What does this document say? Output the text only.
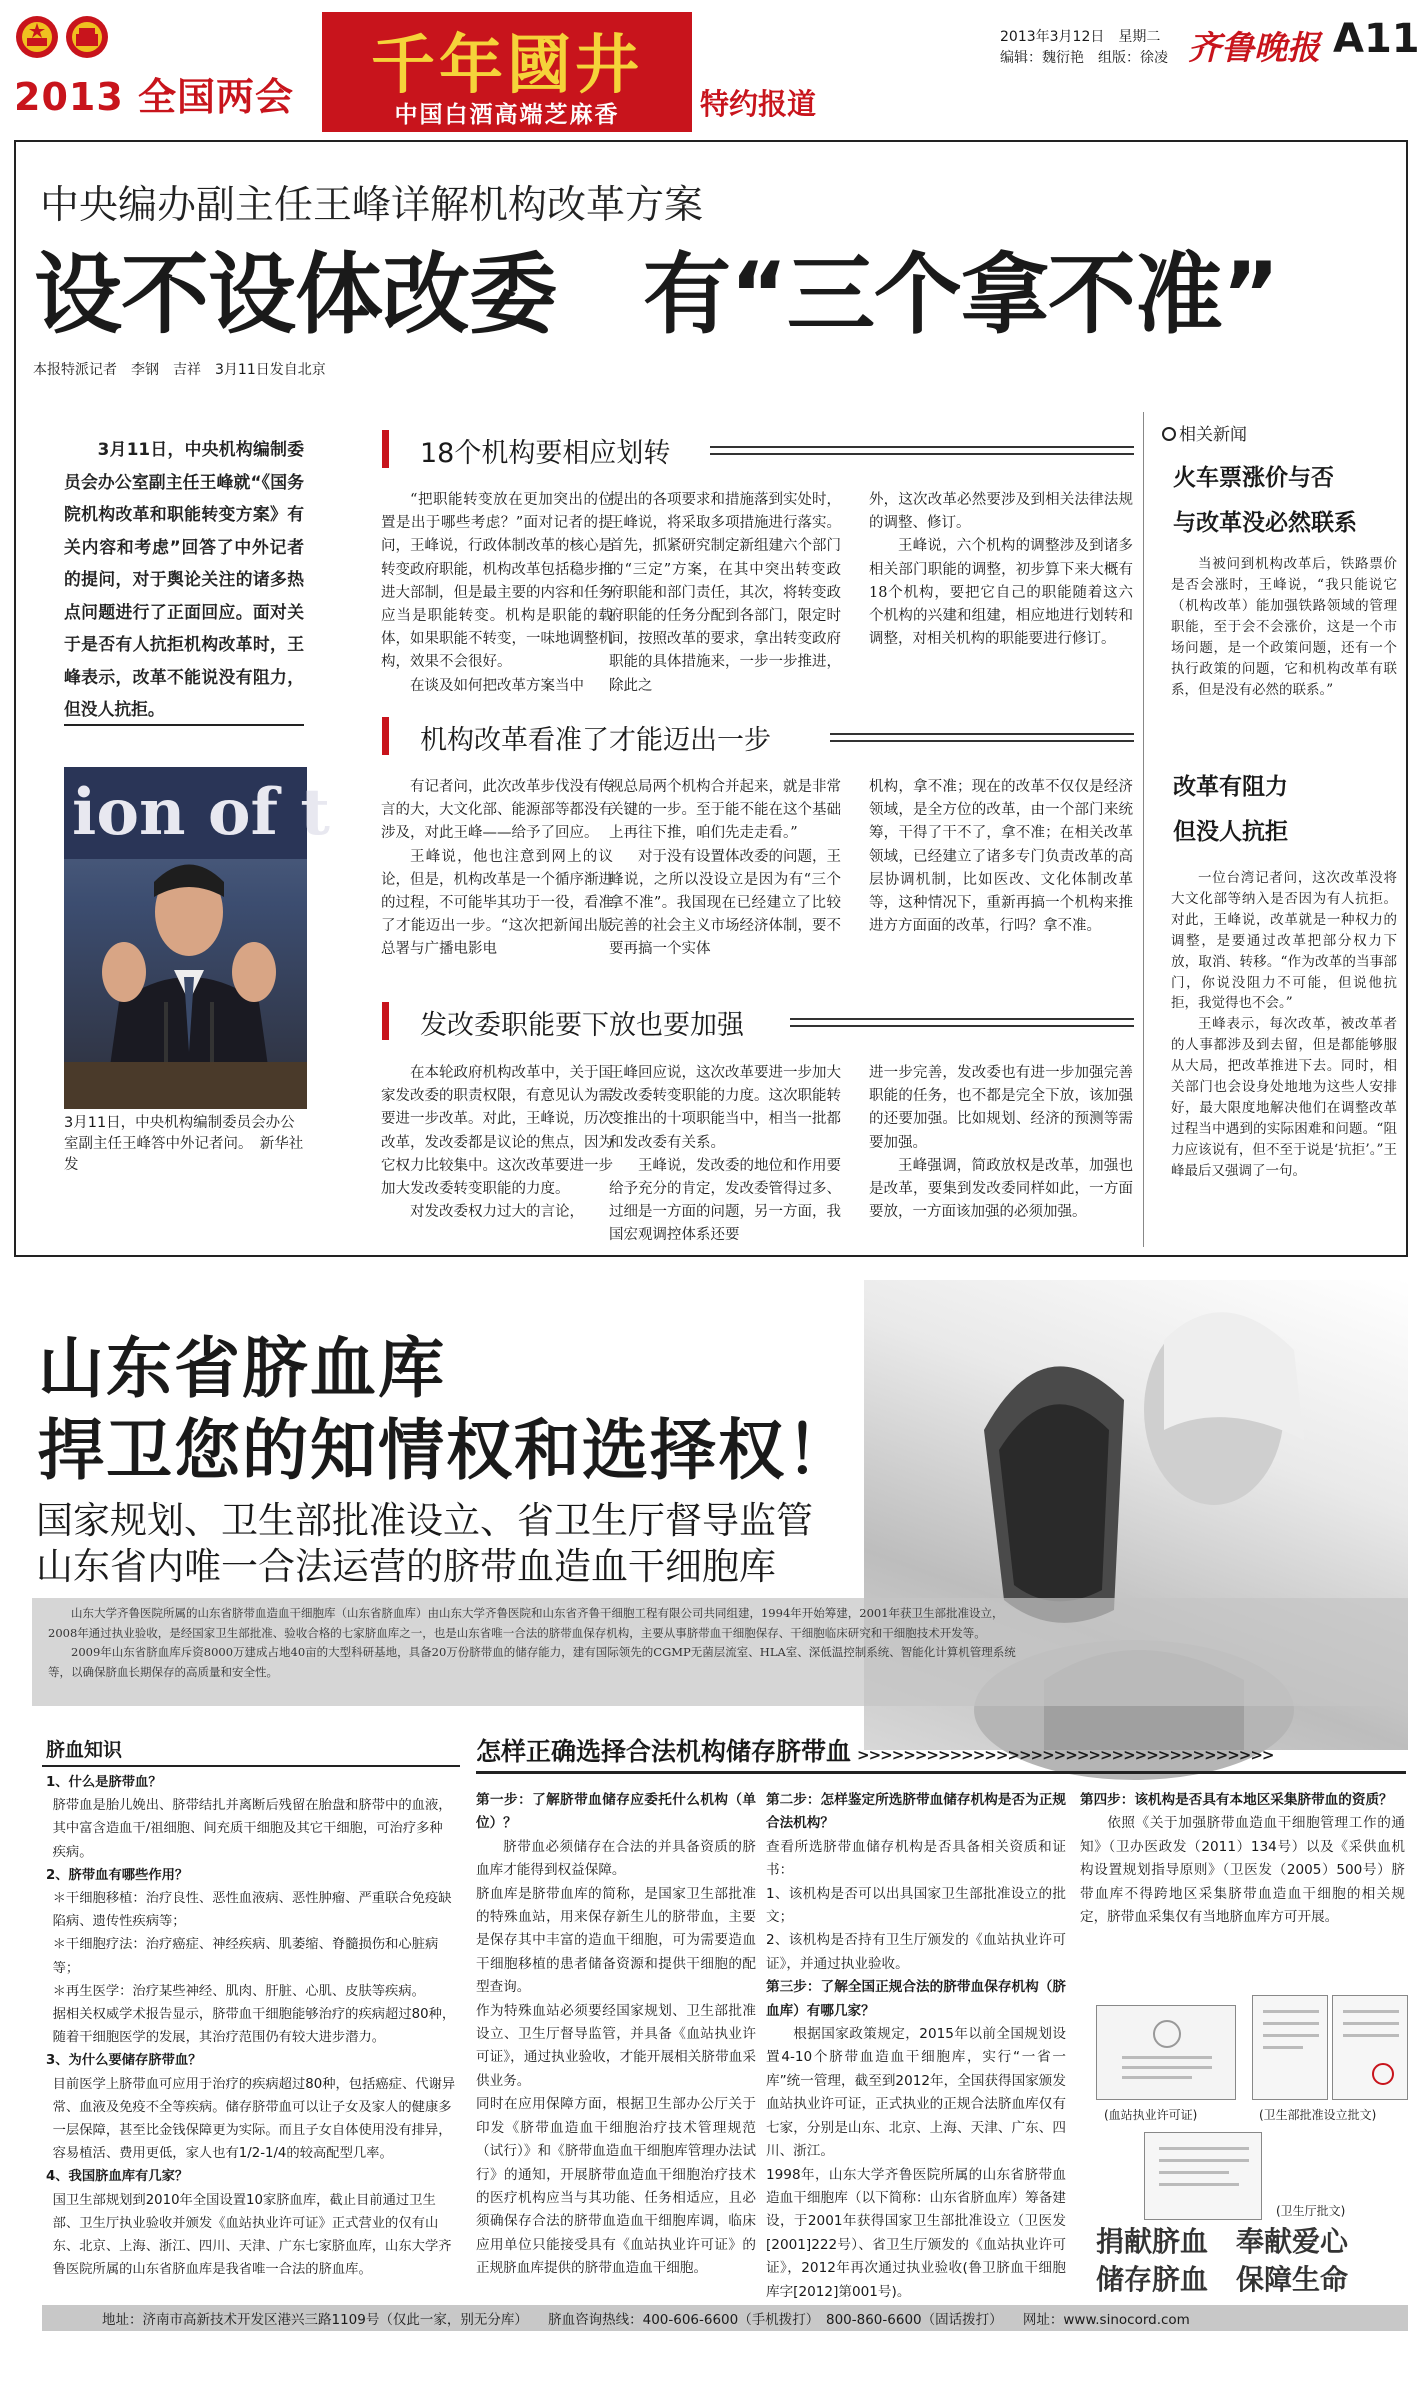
2013 全国两会	千年國井
中国白酒高端芝麻香	特约报道
2013年3月12日　星期二
编辑：魏衍艳　组版：徐凌 齐鲁晚报 A11
中央编办副主任王峰详解机构改革方案
设不设体改委　有“三个拿不准”
本报特派记者　李钢　吉祥　3月11日发自北京

3月11日，中央机构编制委员会办公室副主任王峰就“《国务院机构改革和职能转变方案》有关内容和考虑”回答了中外记者的提问，对于舆论关注的诸多热点问题进行了正面回应。面对关于是否有人抗拒机构改革时，王峰表示，改革不能说没有阻力，但没人抗拒。

ion of t

3月11日，中央机构编制委员会办公室副主任王峰答中外记者问。　新华社发

18个机构要相应划转

“把职能转变放在更加突出的位置是出于哪些考虑？”面对记者的提问，王峰说，行政体制改革的核心是转变政府职能，机构改革包括稳步推进大部制，但是最主要的内容和任务应当是职能转变。机构是职能的载体，如果职能不转变，一味地调整机构，效果不会很好。

在谈及如何把改革方案当中

提出的各项要求和措施落到实处时，王峰说，将采取多项措施进行落实。首先，抓紧研究制定新组建六个部门的“三定”方案，在其中突出转变政府职能和部门责任，其次，将转变政府职能的任务分配到各部门，限定时间，按照改革的要求，拿出转变政府职能的具体措施来，一步一步推进，除此之

外，这次改革必然要涉及到相关法律法规的调整、修订。

王峰说，六个机构的调整涉及到诸多相关部门职能的调整，初步算下来大概有18个机构，要把它自己的职能随着这六个机构的兴建和组建，相应地进行划转和调整，对相关机构的职能要进行修订。

机构改革看准了才能迈出一步
发改委职能要下放也要加强
相关新闻
火车票涨价与否
与改革没必然联系

当被问到机构改革后，铁路票价是否会涨时，王峰说，“我只能说它（机构改革）能加强铁路领域的管理职能，至于会不会涨价，这是一个市场问题，是一个政策问题，还有一个执行政策的问题，它和机构改革有联系，但是没有必然的联系。”

改革有阻力
但没人抗拒

一位台湾记者问，这次改革没将大文化部等纳入是否因为有人抗拒。对此，王峰说，改革就是一种权力的调整，是要通过改革把部分权力下放，取消、转移。“作为改革的当事部门，你说没阻力不可能，但说他抗拒，我觉得也不会。”

王峰表示，每次改革，被改革者的人事都涉及到去留，但是都能够服从大局，把改革推进下去。同时，相关部门也会设身处地地为这些人安排好，最大限度地解决他们在调整改革过程当中遇到的实际困难和问题。“阻力应该说有，但不至于说是‘抗拒’。”王峰最后又强调了一句。

山东省脐血库
捍卫您的知情权和选择权！
国家规划、卫生部批准设立、省卫生厅督导监管
山东省内唯一合法运营的脐带血造血干细胞库

山东大学齐鲁医院所属的山东省脐带血造血干细胞库（山东省脐血库）由山东大学齐鲁医院和山东省齐鲁干细胞工程有限公司共同组建，1994年开始筹建，2001年获卫生部批准设立，2008年通过执业验收，是经国家卫生部批准、验收合格的七家脐血库之一，也是山东省唯一合法的脐带血保存机构，主要从事脐带血干细胞保存、干细胞临床研究和干细胞技术开发等。

2009年山东省脐血库斥资8000万建成占地40亩的大型科研基地，具备20万份脐带血的储存能力，建有国际领先的CGMP无菌层流室、HLA室、深低温控制系统、智能化计算机管理系统等，以确保脐血长期保存的高质量和安全性。

脐血知识
1、什么是脐带血？
脐带血是胎儿娩出、脐带结扎并离断后残留在胎盘和脐带中的血液，其中富含造血干/祖细胞、间充质干细胞及其它干细胞，可治疗多种疾病。
2、脐带血有哪些作用？
＊干细胞移植：治疗良性、恶性血液病、恶性肿瘤、严重联合免疫缺陷病、遗传性疾病等；
＊干细胞疗法：治疗癌症、神经疾病、肌萎缩、脊髓损伤和心脏病等；
＊再生医学：治疗某些神经、肌肉、肝脏、心肌、皮肤等疾病。
据相关权威学术报告显示，脐带血干细胞能够治疗的疾病超过80种，随着干细胞医学的发展，其治疗范围仍有较大进步潜力。
3、为什么要储存脐带血？
目前医学上脐带血可应用于治疗的疾病超过80种，包括癌症、代谢异常、血液及免疫不全等疾病。储存脐带血可以让子女及家人的健康多一层保障，甚至比金钱保障更为实际。而且子女自体使用没有排异，容易植活、费用更低，家人也有1/2-1/4的较高配型几率。
4、我国脐血库有几家？
国卫生部规划到2010年全国设置10家脐血库，截止目前通过卫生部、卫生厅执业验收并颁发《血站执业许可证》正式营业的仅有山东、北京、上海、浙江、四川、天津、广东七家脐血库，山东大学齐鲁医院所属的山东省脐血库是我省唯一合法的脐血库。
怎样正确选择合法机构储存脐带血 >>>>>>>>>>>>>>>>>>>>>>>>>>>>>>>>>>>>
第一步：了解脐带血储存应委托什么机构（单位）？
脐带血必须储存在合法的并具备资质的脐血库才能得到权益保障。
脐血库是脐带血库的简称，是国家卫生部批准的特殊血站，用来保存新生儿的脐带血，主要是保存其中丰富的造血干细胞，可为需要造血干细胞移植的患者储备资源和提供干细胞的配型查询。
作为特殊血站必须要经国家规划、卫生部批准设立、卫生厅督导监管，并具备《血站执业许可证》，通过执业验收，才能开展相关脐带血采供业务。
同时在应用保障方面，根据卫生部办公厅关于印发《脐带血造血干细胞治疗技术管理规范（试行）》和《脐带血造血干细胞库管理办法试行》的通知，开展脐带血造血干细胞治疗技术的医疗机构应当与其功能、任务相适应，且必须确保存合法的脐带血造血干细胞库调，临床应用单位只能接受具有《血站执业许可证》的正规脐血库提供的脐带血造血干细胞。
第二步：怎样鉴定所选脐带血储存机构是否为正规合法机构？
查看所选脐带血储存机构是否具备相关资质和证书：
1、该机构是否可以出具国家卫生部批准设立的批文；
2、该机构是否持有卫生厅颁发的《血站执业许可证》，并通过执业验收。
第三步：了解全国正规合法的脐带血保存机构（脐血库）有哪几家？
根据国家政策规定，2015年以前全国规划设置4-10个脐带血造血干细胞库，实行“一省一库”统一管理，截至到2012年，全国获得国家颁发血站执业许可证，正式执业的正规合法脐血库仅有七家，分别是山东、北京、上海、天津、广东、四川、浙江。
1998年，山东大学齐鲁医院所属的山东省脐带血造血干细胞库（以下简称：山东省脐血库）筹备建设，于2001年获得国家卫生部批准设立（卫医发[2001]222号）、省卫生厅颁发的《血站执业许可证》，2012年再次通过执业验收(鲁卫脐血干细胞库字[2012]第001号)。
第四步：该机构是否具有本地区采集脐带血的资质？
依照《关于加强脐带血造血干细胞管理工作的通知》（卫办医政发（2011）134号）以及《采供血机构设置规划指导原则》（卫医发（2005）500号）脐带血库不得跨地区采集脐带血造血干细胞的相关规定，脐带血采集仅有当地脐血库方可开展。
(血站执业许可证)	(卫生部批准设立批文)
(卫生厅批文)
捐献脐血　奉献爱心
储存脐血　保障生命
地址：济南市高新技术开发区港兴三路1109号（仅此一家，别无分库）　　脐血咨询热线：400-606-6600（手机拨打）　800-860-6600（固话拨打）　　网址：www.sinocord.com

有记者问，此次改革步伐没有传言的大，大文化部、能源部等都没有涉及，对此王峰——给予了回应。

王峰说，他也注意到网上的议论，但是，机构改革是一个循序渐进的过程，不可能毕其功于一役，看准了才能迈出一步。“这次把新闻出版总署与广播电影电

视总局两个机构合并起来，就是非常关键的一步。至于能不能在这个基础上再往下推，咱们先走走看。”

对于没有设置体改委的问题，王峰说，之所以没设立是因为有“三个拿不准”。我国现在已经建立了比较完善的社会主义市场经济体制，要不要再搞一个实体

机构，拿不准；现在的改革不仅仅是经济领域，是全方位的改革，由一个部门来统筹，干得了干不了，拿不准；在相关改革领域，已经建立了诸多专门负责改革的高层协调机制，比如医改、文化体制改革等，这种情况下，重新再搞一个机构来推进方方面面的改革，行吗？拿不准。

在本轮政府机构改革中，关于国家发改委的职责权限，有意见认为需要进一步改革。对此，王峰说，历次改革，发改委都是议论的焦点，因为它权力比较集中。这次改革要进一步加大发改委转变职能的力度。

对发改委权力过大的言论，

王峰回应说，这次改革要进一步加大发改委转变职能的力度。这次职能转变推出的十项职能当中，相当一批都和发改委有关系。

王峰说，发改委的地位和作用要给予充分的肯定，发改委管得过多、过细是一方面的问题，另一方面，我国宏观调控体系还要

进一步完善，发改委也有进一步加强完善职能的任务，也不都是完全下放，该加强的还要加强。比如规划、经济的预测等需要加强。

王峰强调，简政放权是改革，加强也是改革，要集到发改委同样如此，一方面要放，一方面该加强的必须加强。
